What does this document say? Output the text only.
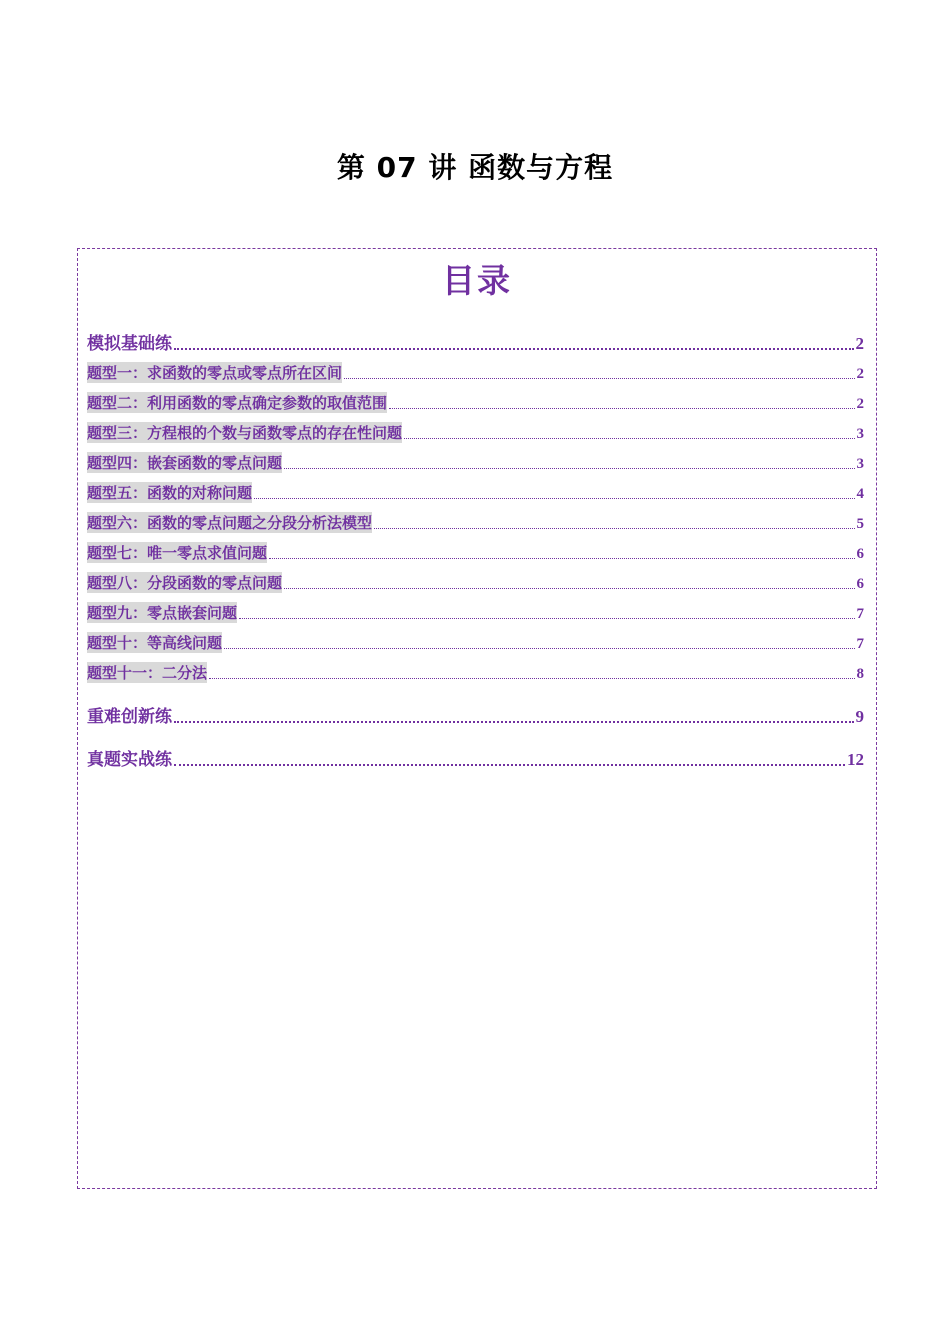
第 07 讲 函数与方程
目录
模拟基础练	2
题型一：求函数的零点或零点所在区间	2
题型二：利用函数的零点确定参数的取值范围	2
题型三：方程根的个数与函数零点的存在性问题	3
题型四：嵌套函数的零点问题	3
题型五：函数的对称问题	4
题型六：函数的零点问题之分段分析法模型	5
题型七：唯一零点求值问题	6
题型八：分段函数的零点问题	6
题型九：零点嵌套问题	7
题型十：等高线问题	7
题型十一：二分法	8
重难创新练	9
真题实战练	12
